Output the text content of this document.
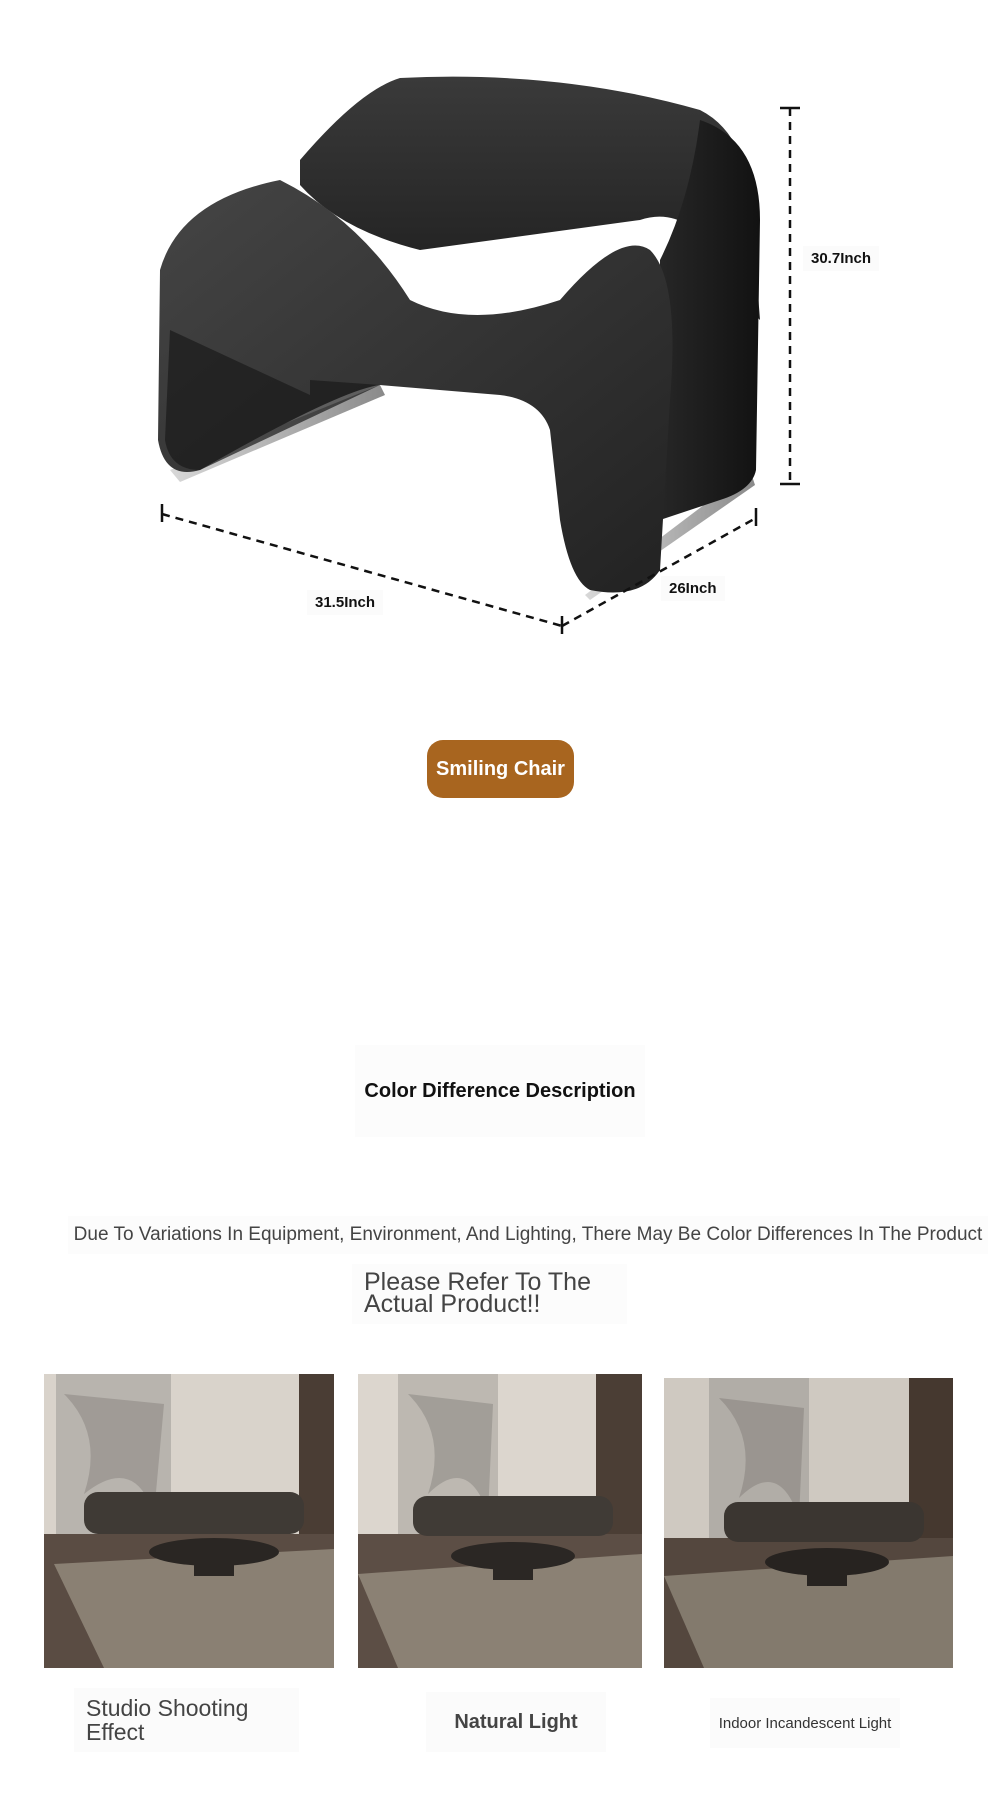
30.7Inch
31.5Inch
26Inch
Smiling Chair
Color Difference Description
Due To Variations In Equipment, Environment, And Lighting, There May Be Color Differences In The Product
Please Refer To The Actual Product!!
Studio Shooting Effect	Natural Light	Indoor Incandescent Light
